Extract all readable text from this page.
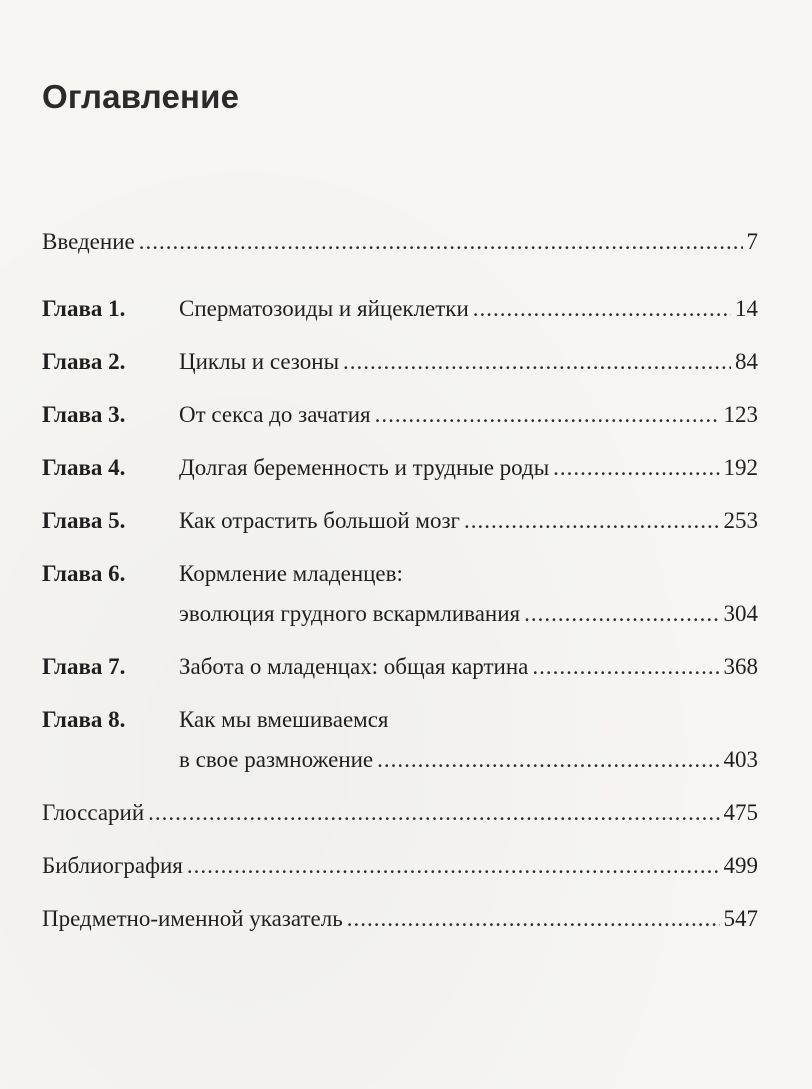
Оглавление
Введение .....	7
Глава 1.	Сперматозоиды и яйцеклетки .....	14
Глава 2.	Циклы и сезоны .....	84
Глава 3.	От секса до зачатия .....	123
Глава 4.	Долгая беременность и трудные роды .....	192
Глава 5.	Как отрастить большой мозг .....	253
Глава 6.	Кормление младенцев:
эволюция грудного вскармливания .....	304
Глава 7.	Забота о младенцах: общая картина .....	368
Глава 8.	Как мы вмешиваемся
в свое размножение .....	403
Глоссарий .....	475
Библиография .....	499
Предметно-именной указатель .....	547
